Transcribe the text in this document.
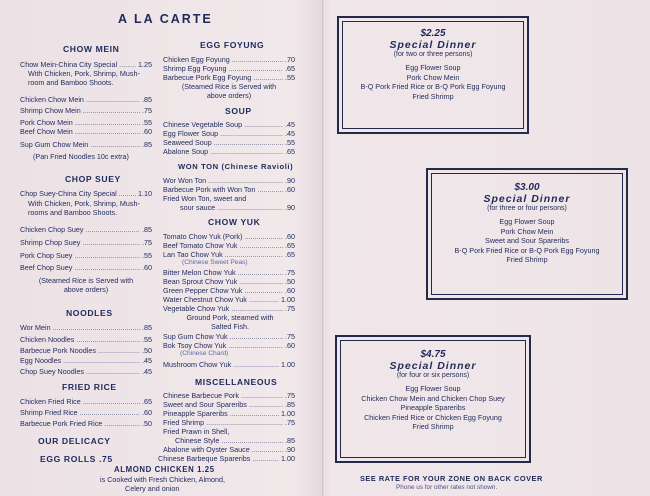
A LA CARTE
CHOW MEIN
Chow Mein-China City Special .....	1.25
With Chicken, Pork, Shrimp, Mush-
room and Bamboo Shoots.
Chicken Chow Mein .....	.85
Shrimp Chow Mein .....	.75
Pork Chow Mein .....	.55
Beef Chow Mein .....	.60
Sup Gum Chow Mein .....	.85
(Pan Fried Noodles 10c extra)
CHOP SUEY
Chop Suey-China City Special .....	1.10
With Chicken, Pork, Shrimp, Mush-
rooms and Bamboo Shoots.
Chicken Chop Suey .....	.85
Shrimp Chop Suey .....	.75
Pork Chop Suey .....	.55
Beef Chop Suey .....	.60
(Steamed Rice is Served with
above orders)
NOODLES
Wor Mein .....	.85
Chicken Noodles .....	.55
Barbecue Pork Noodles .....	.50
Egg Noodles .....	.45
Chop Suey Noodles .....	.45
FRIED RICE
Chicken Fried Rice .....	.65
Shrimp Fried Rice .....	.60
Barbecue Pork Fried Rice .....	.50
OUR DELICACY
EGG ROLLS .75
EGG FOYUNG
Chicken Egg Foyung .....	.70
Shrimp Egg Foyung .....	.65
Barbecue Pork Egg Foyung .....	.55
(Steamed Rice is Served with
above orders)
SOUP
Chinese Vegetable Soup .....	.45
Egg Flower Soup .....	.45
Seaweed Soup .....	.55
Abalone Soup .....	.65
WON TON (Chinese Ravioli)
Wor Won Ton .....	.90
Barbecue Pork with Won Ton .....	.60
Fried Won Ton, sweet and
sour sauce .....	.90
CHOW YUK
Tomato Chow Yuk (Pork) .....	.60
Beef Tomato Chow Yuk .....	.65
Lan Tao Chow Yuk .....	.65
(Chinese Sweet Peas)
Bitter Melon Chow Yuk .....	.75
Bean Sprout Chow Yuk .....	.50
Green Pepper Chow Yuk .....	.60
Water Chestnut Chow Yuk .....	1.00
Vegetable Chow Yuk .....	.75
Ground Pork, steamed with
Salted Fish.
Sup Gum Chow Yuk .....	.75
Bok Tsoy Chow Yuk .....	.60
(Chinese Chard)
Mushroom Chow Yuk .....	1.00
MISCELLANEOUS
Chinese Barbecue Pork .....	.75
Sweet and Sour Spareribs .....	.85
Pineapple Spareribs .....	1.00
Fried Shrimp .....	.75
Fried Prawn in Shell,
Chinese Style .....	.85
Abalone with Oyster Sauce .....	.90
Chinese Barbeque Spareribs .....	1.00
ALMOND CHICKEN 1.25
is Cooked with Fresh Chicken, Almond,
Celery and onion
$2.25
Special Dinner
(for two or three persons)
Egg Flower Soup
Pork Chow Mein
B-Q Pork Fried Rice or B-Q Pork Egg Foyung
Fried Shrimp
$3.00
Special Dinner
(for three or four persons)
Egg Flower Soup
Pork Chow Mein
Sweet and Sour Spareribs
B-Q Pork Fried Rice or B-Q Pork Egg Foyung
Fried Shrimp
$4.75
Special Dinner
(for four or six persons)
Egg Flower Soup
Chicken Chow Mein and Chicken Chop Suey
Pineapple Spareribs
Chicken Fried Rice or Chicken Egg Foyung
Fried Shrimp
SEE RATE FOR YOUR ZONE ON BACK COVER
Phone us for other rates not shown.
